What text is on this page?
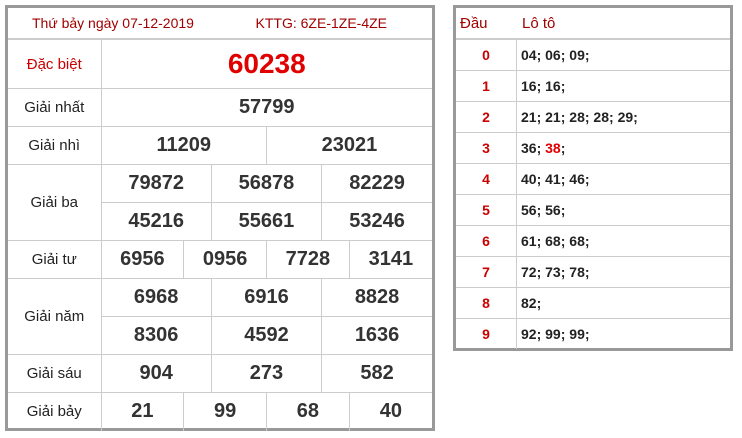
Thứ bảy ngày 07-12-2019	KTTG: 6ZE-1ZE-4ZE
Đặc biệt	60238					
Giải nhất	57799					
Giải nhì	11209			23021		
Giải ba	79872		56878		82229	
	45216		55661		53246	
Giải tư	6956	0956		7728		3141
Giải năm	6968		6916		8828	
	8306		4592		1636	
Giải sáu	904		273		582	
Giải bảy	21	99		68		40
Đầu	Lô tô
0	04; 06; 09;
1	16; 16;
2	21; 21; 28; 28; 29;
3	36; 38;
4	40; 41; 46;
5	56; 56;
6	61; 68; 68;
7	72; 73; 78;
8	82;
9	92; 99; 99;
